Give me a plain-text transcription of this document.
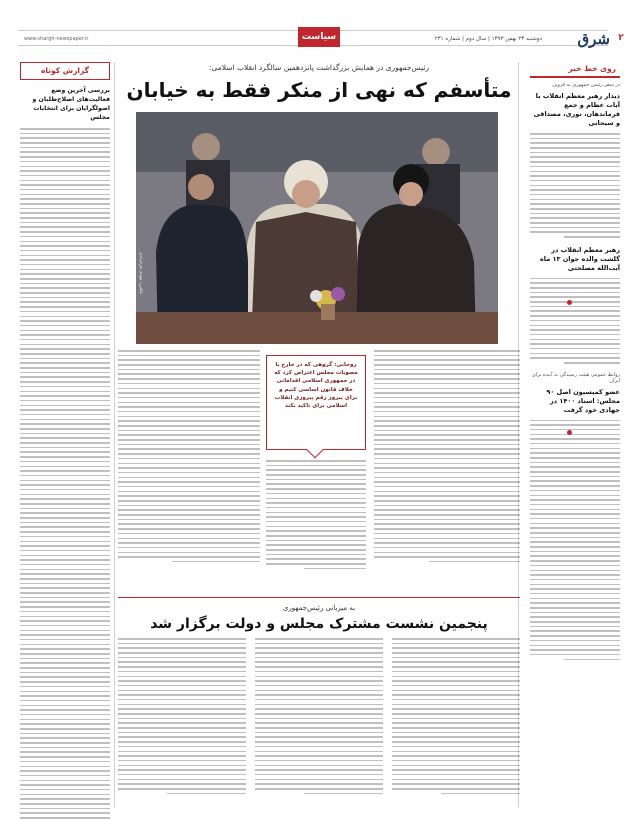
۲
شرق
دوشنبه ۲۳ بهمن ۱۳۹۳ | سال دوم | شماره ۲۳۱
سیاست
www.shargh-newspaper.ir
روی خط خبر
در سفر رئیس جمهوری به قزوین
دیدار رهبر معظم انقلاب با آیات عظام و جمع فرماندهان، نوری، مصداقی و سبحانی
رهبر معظم انقلاب در گلشت والده جوان ۱۳ ماه آیت‌الله مصلحتی
روابط عمومی هیئت رسیدگی به آینده برای ایران
عضو کمیسیون اصل ۹۰ مجلس: اسناد ۱۴۰۰ در جهادی خود گرفت
گزارش کوتاه
بررسی آخرین وضع فعالیت‌های اصلاح‌طلبان و اصولگرایان برای انتخابات مجلس
رئیس‌جمهوری در همایش بزرگداشت پانزدهمین سالگرد انقلاب اسلامی:
متأسفم که نهی از منکر فقط به خیابان
عکس: مهدی فرحزادی
روحانی: گروهی که در خارج با مصوبات مجلس اعتراض کرد که در جمهوری اسلامی اقداماتی خلاف قانون اساسی کنیم و برای پیروز رقم پیروزی انقلاب اسلامی برای تاکید نکند
به میزبانی رئیس‌جمهوری
پنجمین نشست مشترک مجلس و دولت برگزار شد
